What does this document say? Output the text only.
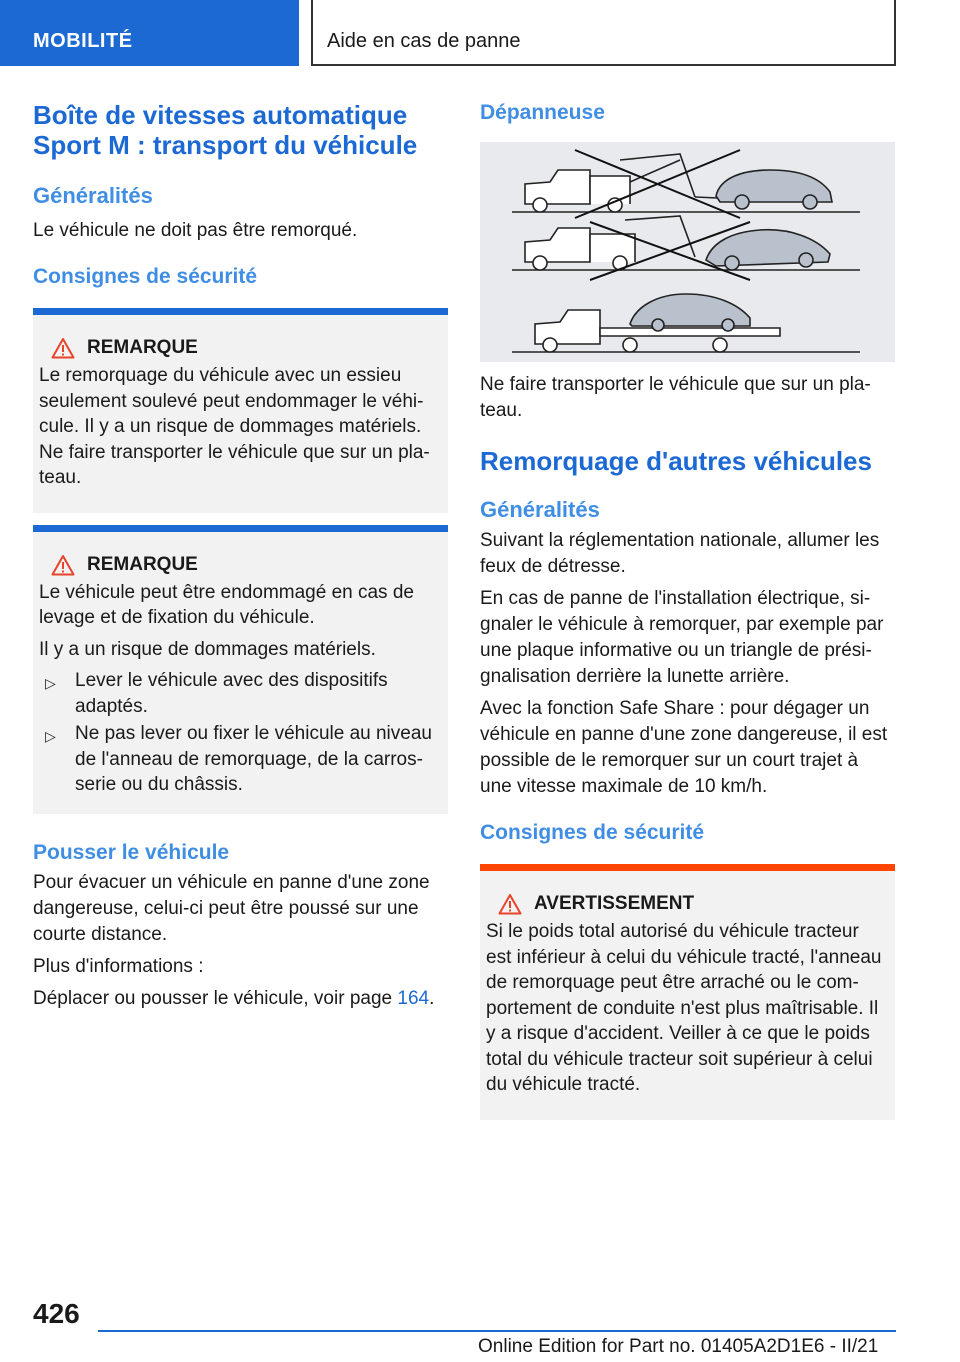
MOBILITÉ	Aide en cas de panne
Boîte de vitesses automatique Sport M : transport du véhicule
Généralités

Le véhicule ne doit pas être remorqué.

Consignes de sécurité
REMARQUE

Le remorquage du véhicule avec un essieu seulement soulevé peut endommager le véhi-cule. Il y a un risque de dommages matériels. Ne faire transporter le véhicule que sur un pla-teau.

REMARQUE

Le véhicule peut être endommagé en cas de levage et de fixation du véhicule.

Il y a un risque de dommages matériels.

▷	Lever le véhicule avec des dispositifs adaptés.
▷	Ne pas lever ou fixer le véhicule au niveau de l'anneau de remorquage, de la carros-serie ou du châssis.
Pousser le véhicule

Pour évacuer un véhicule en panne d'une zone dangereuse, celui-ci peut être poussé sur une courte distance.

Plus d'informations :

Déplacer ou pousser le véhicule, voir page 164.

Dépanneuse

Ne faire transporter le véhicule que sur un pla-teau.

Remorquage d'autres véhicules
Généralités

Suivant la réglementation nationale, allumer les feux de détresse.

En cas de panne de l'installation électrique, si-gnaler le véhicule à remorquer, par exemple par une plaque informative ou un triangle de prési-gnalisation derrière la lunette arrière.

Avec la fonction Safe Share : pour dégager un véhicule en panne d'une zone dangereuse, il est possible de le remorquer sur un court trajet à une vitesse maximale de 10 km/h.

Consignes de sécurité
AVERTISSEMENT

Si le poids total autorisé du véhicule tracteur est inférieur à celui du véhicule tracté, l'anneau de remorquage peut être arraché ou le com-portement de conduite n'est plus maîtrisable. Il y a risque d'accident. Veiller à ce que le poids total du véhicule tracteur soit supérieur à celui du véhicule tracté.

426
Online Edition for Part no. 01405A2D1E6 - II/21
